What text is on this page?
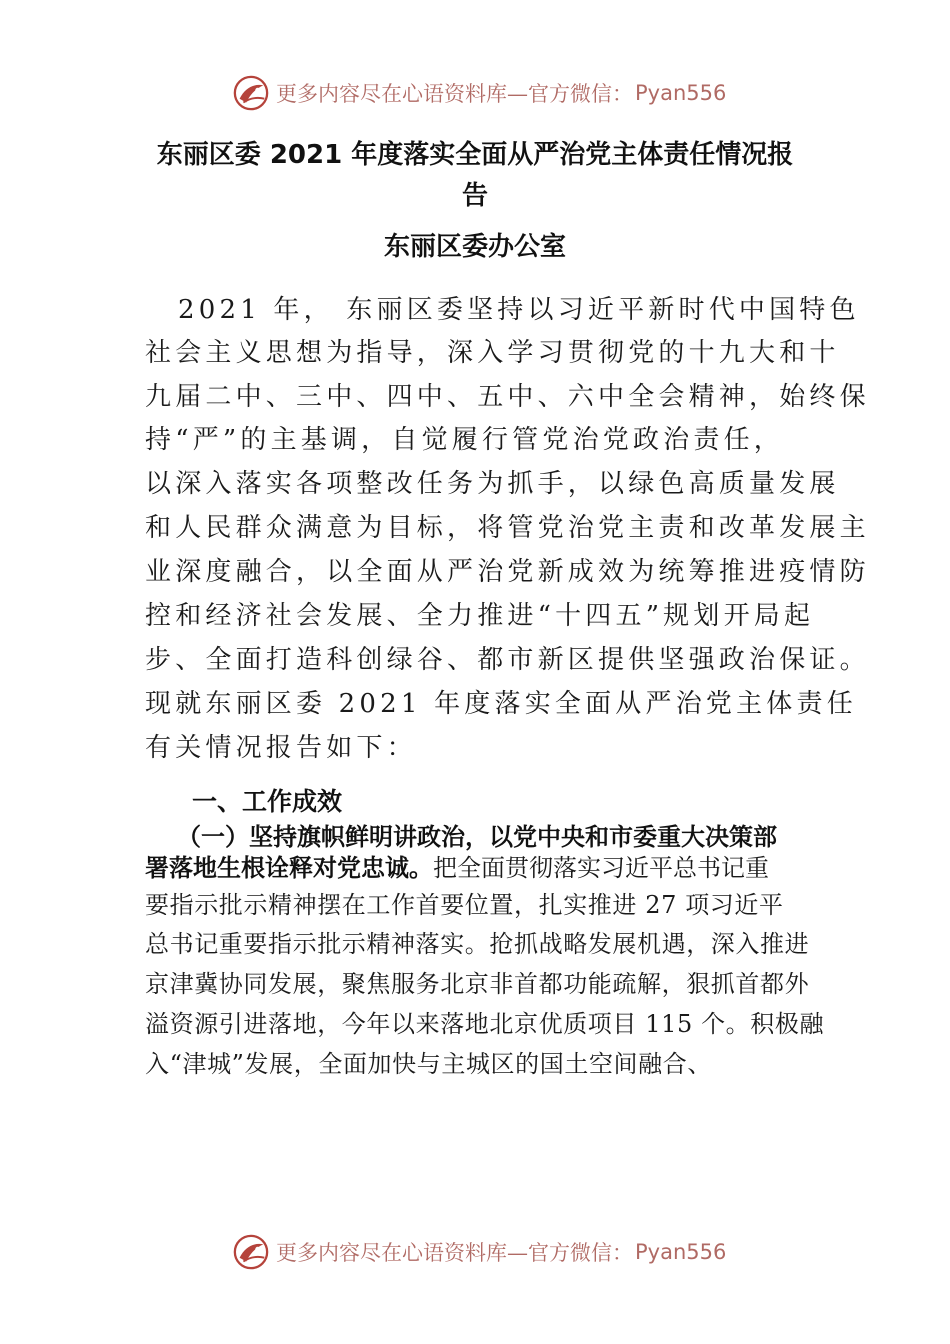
更多内容尽在心语资料库—官方微信： Pyan556
东丽区委 2021 年度落实全面从严治党主体责任情况报
告
东丽区委办公室
2021 年， 东丽区委坚持以习近平新时代中国特色
社会主义思想为指导，深入学习贯彻党的十九大和十
九届二中、三中、四中、五中、六中全会精神，始终保
持“严”的主基调，自觉履行管党治党政治责任，
以深入落实各项整改任务为抓手，以绿色高质量发展
和人民群众满意为目标，将管党治党主责和改革发展主
业深度融合，以全面从严治党新成效为统筹推进疫情防
控和经济社会发展、全力推进“十四五”规划开局起
步、全面打造科创绿谷、都市新区提供坚强政治保证。
现就东丽区委 2021 年度落实全面从严治党主体责任
有关情况报告如下：
一、工作成效
（一）坚持旗帜鲜明讲政治，以党中央和市委重大决策部
署落地生根诠释对党忠诚。把全面贯彻落实习近平总书记重
要指示批示精神摆在工作首要位置，扎实推进 27 项习近平
总书记重要指示批示精神落实。抢抓战略发展机遇，深入推进
京津冀协同发展，聚焦服务北京非首都功能疏解，狠抓首都外
溢资源引进落地，今年以来落地北京优质项目 115 个。积极融
入“津城”发展，全面加快与主城区的国土空间融合、
更多内容尽在心语资料库—官方微信： Pyan556
